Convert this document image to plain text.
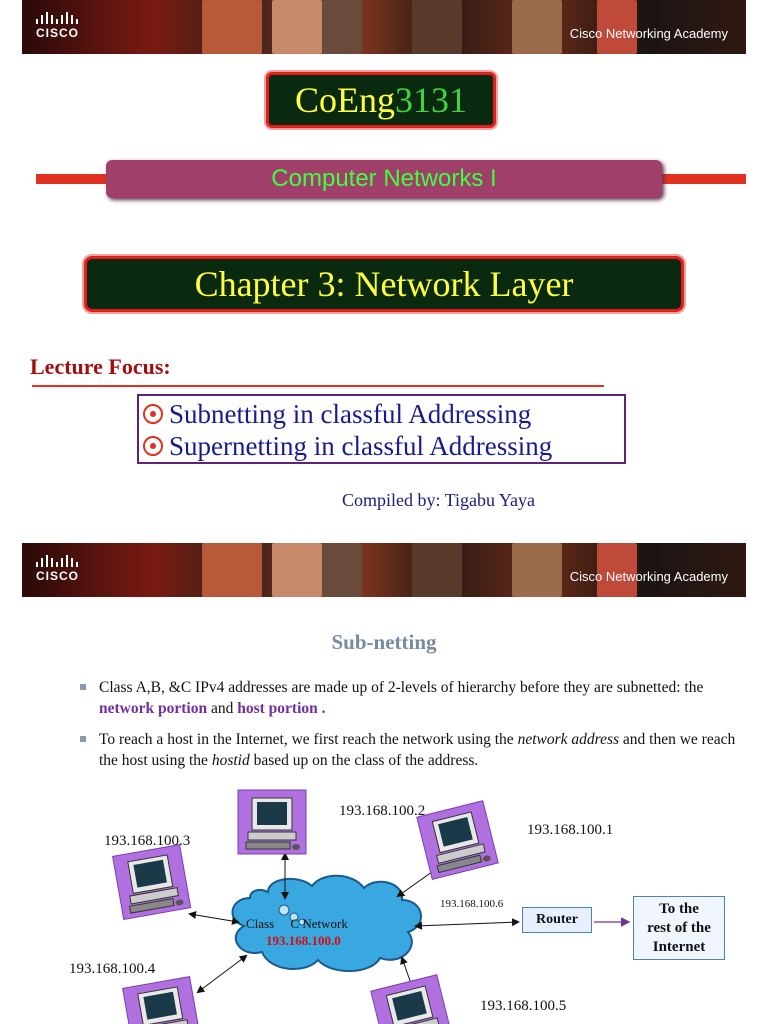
CISCO	Cisco Networking Academy
CoEng3131
Computer Networks I
Chapter 3: Network Layer
Lecture Focus:
Subnetting in classful Addressing
Supernetting in classful Addressing
Compiled by: Tigabu Yaya
CISCO	Cisco Networking Academy
Sub-netting
Class A,B, &C IPv4 addresses are made up of 2-levels of hierarchy before they are subnetted: the network portion and host portion .
To reach a host in the Internet, we first reach the network using the network address and then we reach the host using the hostid based up on the class of the address.
193.168.100.2
193.168.100.1
193.168.100.3
193.168.100.4
193.168.100.5
193.168.100.6
Class C Network
193.168.100.0
Router
To the
rest of the
Internet
